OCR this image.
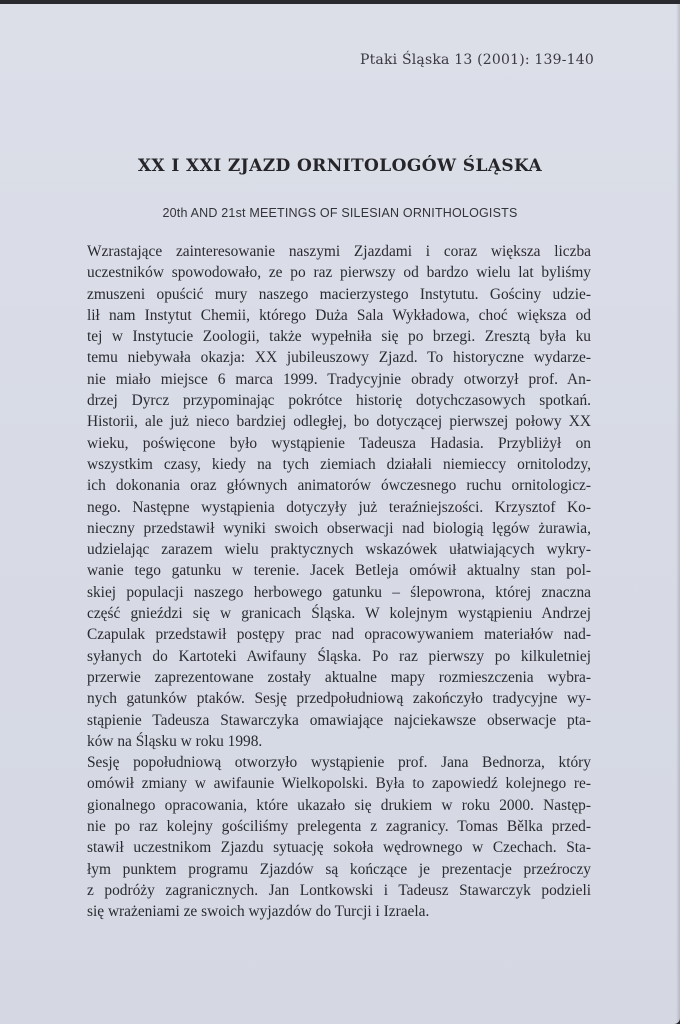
Ptaki Śląska 13 (2001): 139-140
XX I XXI ZJAZD ORNITOLOGÓW ŚLĄSKA
20th AND 21st MEETINGS OF SILESIAN ORNITHOLOGISTS
Wzrastające zainteresowanie naszymi Zjazdami i coraz większa liczba
uczestników spowodowało, ze po raz pierwszy od bardzo wielu lat byliśmy
zmuszeni opuścić mury naszego macierzystego Instytutu. Gościny udzie-
lił nam Instytut Chemii, którego Duża Sala Wykładowa, choć większa od
tej w Instytucie Zoologii, także wypełniła się po brzegi. Zresztą była ku
temu niebywała okazja: XX jubileuszowy Zjazd. To historyczne wydarze-
nie miało miejsce 6 marca 1999. Tradycyjnie obrady otworzył prof. An-
drzej Dyrcz przypominając pokrótce historię dotychczasowych spotkań.
Historii, ale już nieco bardziej odległej, bo dotyczącej pierwszej połowy XX
wieku, poświęcone było wystąpienie Tadeusza Hadasia. Przybliżył on
wszystkim czasy, kiedy na tych ziemiach działali niemieccy ornitolodzy,
ich dokonania oraz głównych animatorów ówczesnego ruchu ornitologicz-
nego. Następne wystąpienia dotyczyły już teraźniejszości. Krzysztof Ko-
nieczny przedstawił wyniki swoich obserwacji nad biologią lęgów żurawia,
udzielając zarazem wielu praktycznych wskazówek ułatwiających wykry-
wanie tego gatunku w terenie. Jacek Betleja omówił aktualny stan pol-
skiej populacji naszego herbowego gatunku – ślepowrona, której znaczna
część gnieździ się w granicach Śląska. W kolejnym wystąpieniu Andrzej
Czapulak przedstawił postępy prac nad opracowywaniem materiałów nad-
syłanych do Kartoteki Awifauny Śląska. Po raz pierwszy po kilkuletniej
przerwie zaprezentowane zostały aktualne mapy rozmieszczenia wybra-
nych gatunków ptaków. Sesję przedpołudniową zakończyło tradycyjne wy-
stąpienie Tadeusza Stawarczyka omawiające najciekawsze obserwacje pta-
ków na Śląsku w roku 1998.
Sesję popołudniową otworzyło wystąpienie prof. Jana Bednorza, który
omówił zmiany w awifaunie Wielkopolski. Była to zapowiedź kolejnego re-
gionalnego opracowania, które ukazało się drukiem w roku 2000. Następ-
nie po raz kolejny gościliśmy prelegenta z zagranicy. Tomas Bělka przed-
stawił uczestnikom Zjazdu sytuację sokoła wędrownego w Czechach. Sta-
łym punktem programu Zjazdów są kończące je prezentacje przeźroczy
z podróży zagranicznych. Jan Lontkowski i Tadeusz Stawarczyk podzieli
się wrażeniami ze swoich wyjazdów do Turcji i Izraela.
